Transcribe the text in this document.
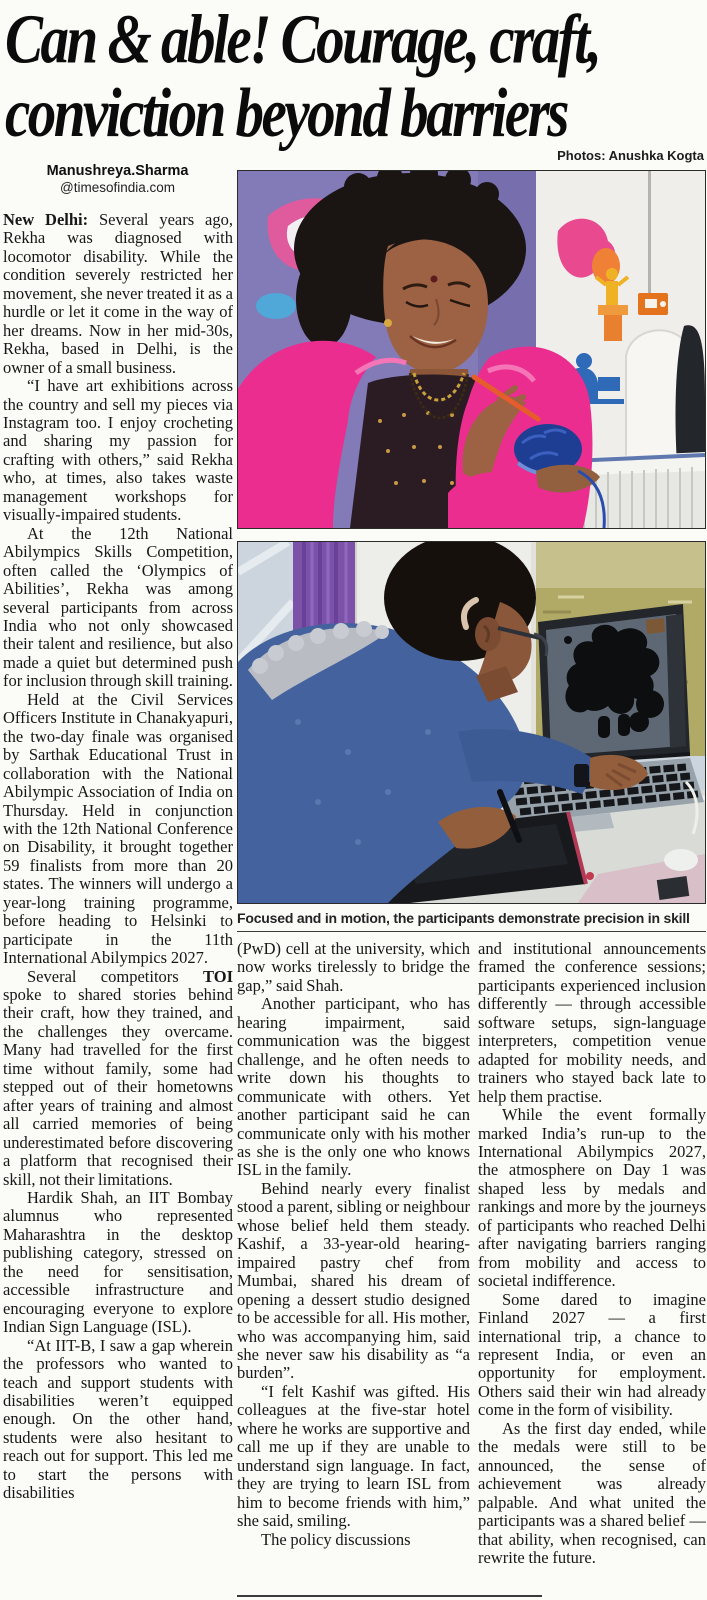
Can & able! Courage, craft,
conviction beyond barriers
Photos: Anushka Kogta
Manushreya.Sharma
@timesofindia.com

New Delhi: Several years ago, Rekha was diagnosed with locomotor disability. While the condition severely restricted her movement, she never treated it as a hurdle or let it come in the way of her dreams. Now in her mid-30s, Rekha, based in Delhi, is the owner of a small business.

“I have art exhibitions across the country and sell my pieces via Instagram too. I enjoy crocheting and sharing my passion for crafting with others,” said Rekha who, at times, also takes waste management workshops for visually-impaired students.

At the 12th National Abilympics Skills Competition, often called the ‘Olympics of Abilities’, Rekha was among several participants from across India who not only showcased their talent and resilience, but also made a quiet but determined push for inclusion through skill training.

Held at the Civil Services Officers Institute in Chanakyapuri, the two-day finale was organised by Sarthak Educational Trust in collaboration with the National Abilympic Association of India on Thursday. Held in conjunction with the 12th National Conference on Disability, it brought together 59 finalists from more than 20 states. The winners will undergo a year-long training programme, before heading to Helsinki to participate in the 11th International Abilympics 2027.

Several competitors TOI spoke to shared stories behind their craft, how they trained, and the challenges they overcame. Many had travelled for the first time without family, some had stepped out of their hometowns after years of training and almost all carried memories of being underestimated before discovering a platform that recognised their skill, not their limitations.

Hardik Shah, an IIT Bombay alumnus who represented Maharashtra in the desktop publishing category, stressed on the need for sensitisation, accessible infrastructure and encouraging everyone to explore Indian Sign Language (ISL).

“At IIT-B, I saw a gap wherein the professors who wanted to teach and support students with disabilities weren’t equipped enough. On the other hand, students were also hesitant to reach out for support. This led me to start the persons with disabilities

Focused and in motion, the participants demonstrate precision in skill

(PwD) cell at the university, which now works tirelessly to bridge the gap,” said Shah.

Another participant, who has hearing impairment, said communication was the biggest challenge, and he often needs to write down his thoughts to communicate with others. Yet another participant said he can communicate only with his mother as she is the only one who knows ISL in the family.

Behind nearly every finalist stood a parent, sibling or neighbour whose belief held them steady. Kashif, a 33-year-old hearing-impaired pastry chef from Mumbai, shared his dream of opening a dessert studio designed to be accessible for all. His mother, who was accompanying him, said she never saw his disability as “a burden”.

“I felt Kashif was gifted. His colleagues at the five-star hotel where he works are supportive and call me up if they are unable to understand sign language. In fact, they are trying to learn ISL from him to become friends with him,” she said, smiling.

The policy discussions

and institutional announcements framed the conference sessions; participants experienced inclusion differently — through accessible software setups, sign-language interpreters, competition venue adapted for mobility needs, and trainers who stayed back late to help them practise.

While the event formally marked India’s run-up to the International Abilympics 2027, the atmosphere on Day 1 was shaped less by medals and rankings and more by the journeys of participants who reached Delhi after navigating barriers ranging from mobility and access to societal indifference.

Some dared to imagine Finland 2027 — a first international trip, a chance to represent India, or even an opportunity for employment. Others said their win had already come in the form of visibility.

As the first day ended, while the medals were still to be announced, the sense of achievement was already palpable. And what united the participants was a shared belief — that ability, when recognised, can rewrite the future.
